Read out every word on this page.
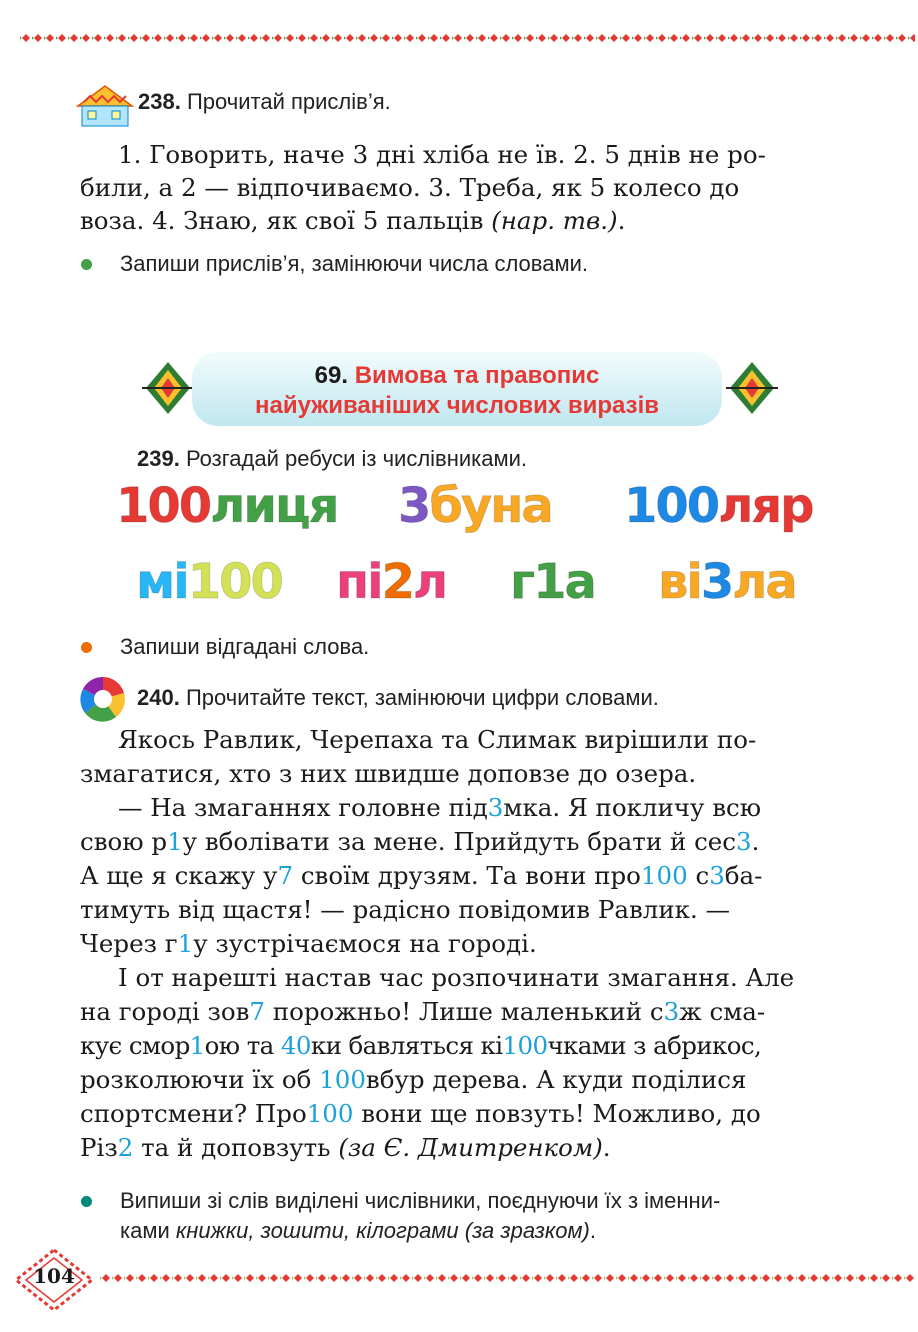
238. Прочитай прислів’я.

1. Говорить, наче 3 дні хліба не їв. 2. 5 днів не ро-

били, а 2 — відпочиваємо. 3. Треба, як 5 колесо до

воза. 4. Знаю, як свої 5 пальців (нар. тв.).

Запиши прислів’я, замінюючи числа словами.
69. Вимова та правопис
найуживаніших числових виразів
239. Розгадай ребуси із числівниками.
100лиця 3буна 100ляр
мі100 пі2л г1а ві3ла
Запиши відгадані слова.
240. Прочитайте текст, замінюючи цифри словами.

Якось Равлик, Черепаха та Слимак вирішили по-

змагатися, хто з них швидше доповзе до озера.

— На змаганнях головне під3мка. Я покличу всю

свою р1у вболівати за мене. Прийдуть брати й сес3.

А ще я скажу у7 своїм друзям. Та вони про100 с3ба-

тимуть від щастя! — радісно повідомив Равлик. —

Через г1у зустрічаємося на городі.

І от нарешті настав час розпочинати змагання. Але

на городі зов7 порожньо! Лише маленький с3ж сма-

кує смор1ою та 40ки бавляться кі100чками з абрикос,

розколюючи їх об 100вбур дерева. А куди поділися

спортсмени? Про100 вони ще повзуть! Можливо, до

Різ2 та й доповзуть (за Є. Дмитренком).

Випиши зі слів виділені числівники, поєднуючи їх з іменни-
ками книжки, зошити, кілограми (за зразком).
104
